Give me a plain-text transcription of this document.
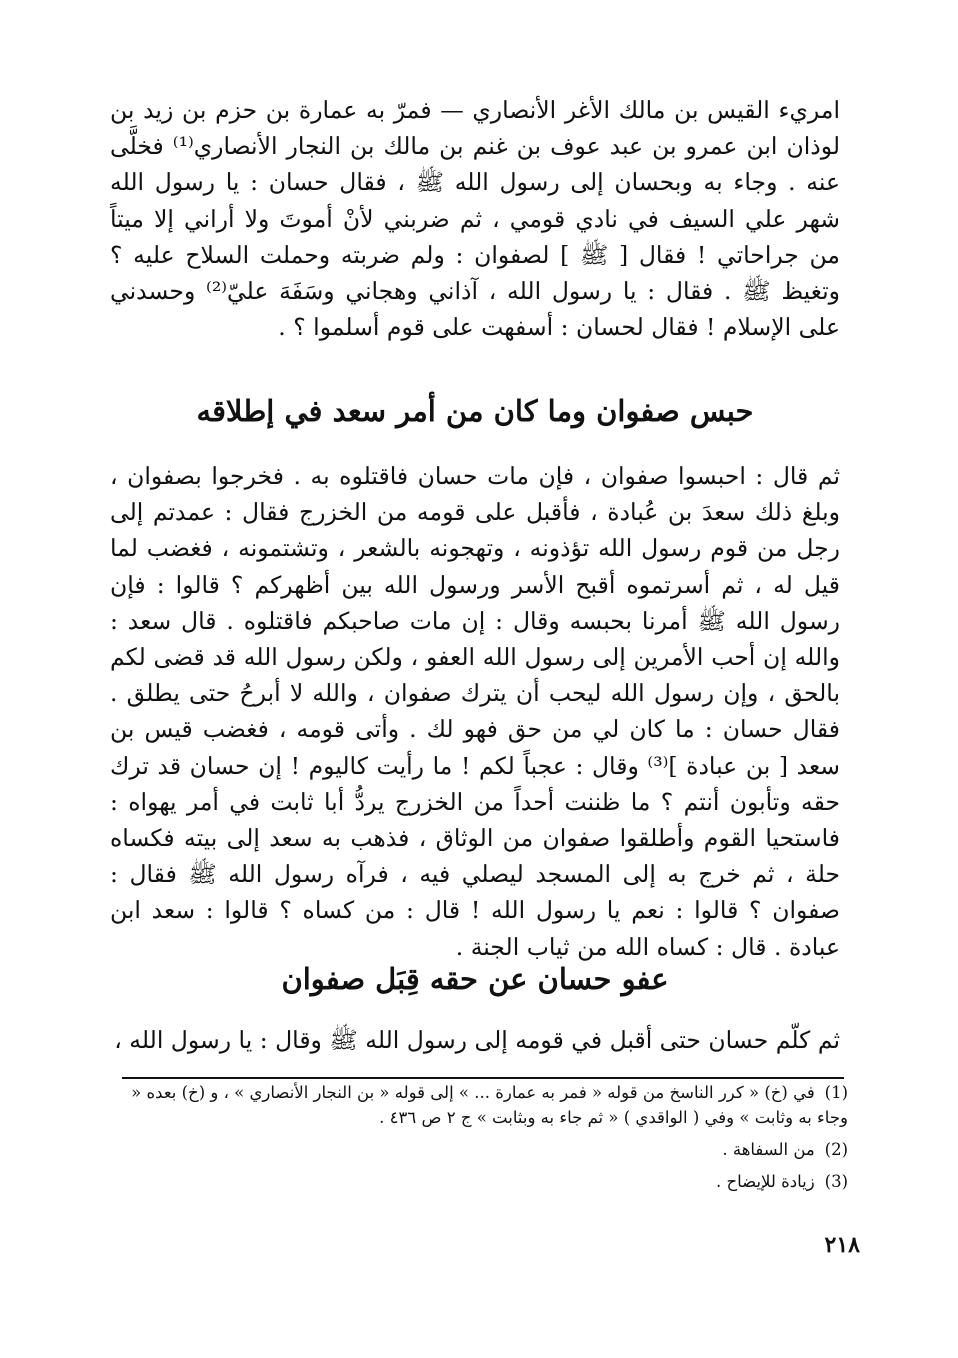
امريء القيس بن مالك الأغر الأنصاري — فمرّ به عمارة بن حزم بن زيد بن لوذان ابن عمرو بن عبد عوف بن غنم بن مالك بن النجار الأنصاري⁽¹⁾ فخلَّى عنه . وجاء به وبحسان إلى رسول الله ﷺ ، فقال حسان : يا رسول الله شهر علي السيف في نادي قومي ، ثم ضربني لأنْ أموتَ ولا أراني إلا ميتاً من جراحاتي ! فقال [ ﷺ ] لصفوان : ولم ضربته وحملت السلاح عليه ؟ وتغيظ ﷺ . فقال : يا رسول الله ، آذاني وهجاني وسَفَهَ عليّ⁽²⁾ وحسدني على الإسلام ! فقال لحسان : أسفهت على قوم أسلموا ؟ .

حبس صفوان وما كان من أمر سعد في إطلاقه

ثم قال : احبسوا صفوان ، فإن مات حسان فاقتلوه به . فخرجوا بصفوان ، وبلغ ذلك سعدَ بن عُبادة ، فأقبل على قومه من الخزرج فقال : عمدتم إلى رجل من قوم رسول الله تؤذونه ، وتهجونه بالشعر ، وتشتمونه ، فغضب لما قيل له ، ثم أسرتموه أقبح الأسر ورسول الله بين أظهركم ؟ قالوا : فإن رسول الله ﷺ أمرنا بحبسه وقال : إن مات صاحبكم فاقتلوه . قال سعد : والله إن أحب الأمرين إلى رسول الله العفو ، ولكن رسول الله قد قضى لكم بالحق ، وإن رسول الله ليحب أن يترك صفوان ، والله لا أبرحُ حتى يطلق . فقال حسان : ما كان لي من حق فهو لك . وأتى قومه ، فغضب قيس بن سعد [ بن عبادة ]⁽³⁾ وقال : عجباً لكم ! ما رأيت كاليوم ! إن حسان قد ترك حقه وتأبون أنتم ؟ ما ظننت أحداً من الخزرج يردُّ أبا ثابت في أمر يهواه : فاستحيا القوم وأطلقوا صفوان من الوثاق ، فذهب به سعد إلى بيته فكساه حلة ، ثم خرج به إلى المسجد ليصلي فيه ، فرآه رسول الله ﷺ فقال : صفوان ؟ قالوا : نعم يا رسول الله ! قال : من كساه ؟ قالوا : سعد ابن عبادة . قال : كساه الله من ثياب الجنة .

عفو حسان عن حقه قِبَل صفوان

ثم كلّم حسان حتى أقبل في قومه إلى رسول الله ﷺ وقال : يا رسول الله ،

(1) في (خ) « كرر الناسخ من قوله « فمر به عمارة ... » إلى قوله « بن النجار الأنصاري » ، و (خ) بعده « وجاء به وثابت » وفي ( الواقدي ) « ثم جاء به وبثابت » ج ٢ ص ٤٣٦ .

(2) من السفاهة .

(3) زيادة للإيضاح .

٢١٨
